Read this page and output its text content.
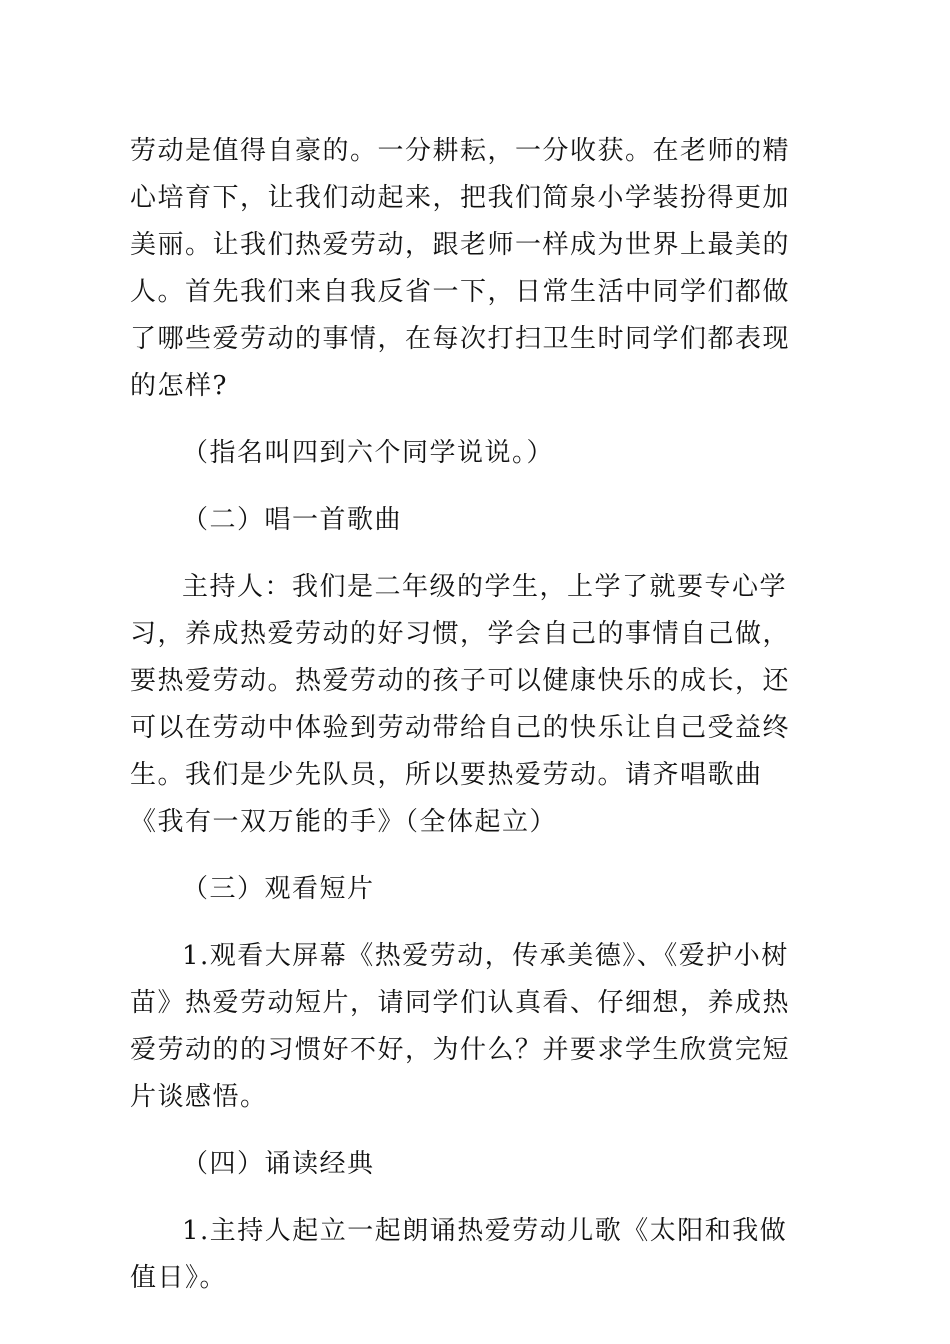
劳动是值得自豪的。一分耕耘，一分收获。在老师的精心培育下，让我们动起来，把我们简泉小学装扮得更加美丽。让我们热爱劳动，跟老师一样成为世界上最美的人。首先我们来自我反省一下，日常生活中同学们都做了哪些爱劳动的事情，在每次打扫卫生时同学们都表现的怎样?

（指名叫四到六个同学说说。）

（二）唱一首歌曲

主持人：我们是二年级的学生，上学了就要专心学习，养成热爱劳动的好习惯，学会自己的事情自己做，要热爱劳动。热爱劳动的孩子可以健康快乐的成长，还可以在劳动中体验到劳动带给自己的快乐让自己受益终生。我们是少先队员，所以要热爱劳动。请齐唱歌曲《我有一双万能的手》（全体起立）

（三）观看短片

1.观看大屏幕《热爱劳动，传承美德》、《爱护小树苗》热爱劳动短片，请同学们认真看、仔细想，养成热爱劳动的的习惯好不好，为什么？并要求学生欣赏完短片谈感悟。

（四）诵读经典

1.主持人起立一起朗诵热爱劳动儿歌《太阳和我做值日》。
